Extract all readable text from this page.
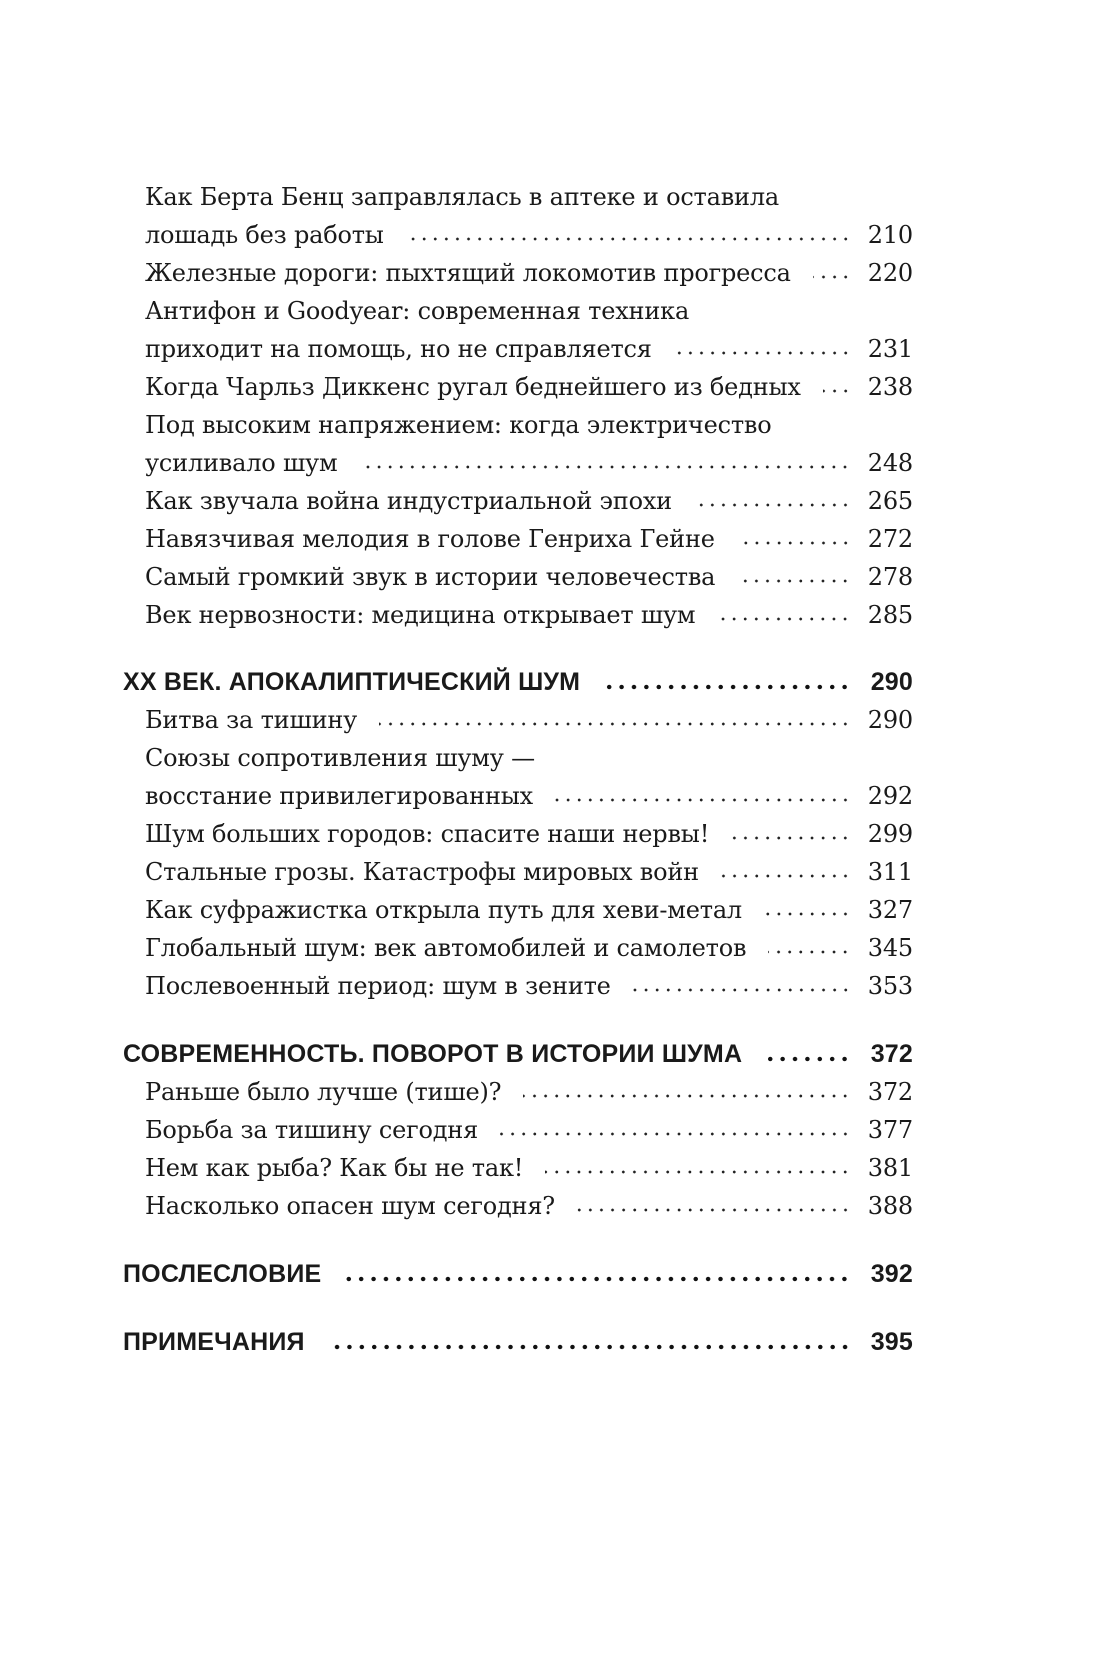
Как Берта Бенц заправлялась в аптеке и оставила
лошадь без работы	210
Железные дороги: пыхтящий локомотив прогресса	220
Антифон и Goodyear: современная техника
приходит на помощь, но не справляется	231
Когда Чарльз Диккенс ругал беднейшего из бедных	238
Под высоким напряжением: когда электричество
усиливало шум	248
Как звучала война индустриальной эпохи	265
Навязчивая мелодия в голове Генриха Гейне	272
Самый громкий звук в истории человечества	278
Век нервозности: медицина открывает шум	285
XX ВЕК. АПОКАЛИПТИЧЕСКИЙ ШУМ	290
Битва за тишину	290
Союзы сопротивления шуму —
восстание привилегированных	292
Шум больших городов: спасите наши нервы!	299
Стальные грозы. Катастрофы мировых войн	311
Как суфражистка открыла путь для хеви-метал	327
Глобальный шум: век автомобилей и самолетов	345
Послевоенный период: шум в зените	353
СОВРЕМЕННОСТЬ. ПОВОРОТ В ИСТОРИИ ШУМА	372
Раньше было лучше (тише)?	372
Борьба за тишину сегодня	377
Нем как рыба? Как бы не так!	381
Насколько опасен шум сегодня?	388
ПОСЛЕСЛОВИЕ	392
ПРИМЕЧАНИЯ	395
